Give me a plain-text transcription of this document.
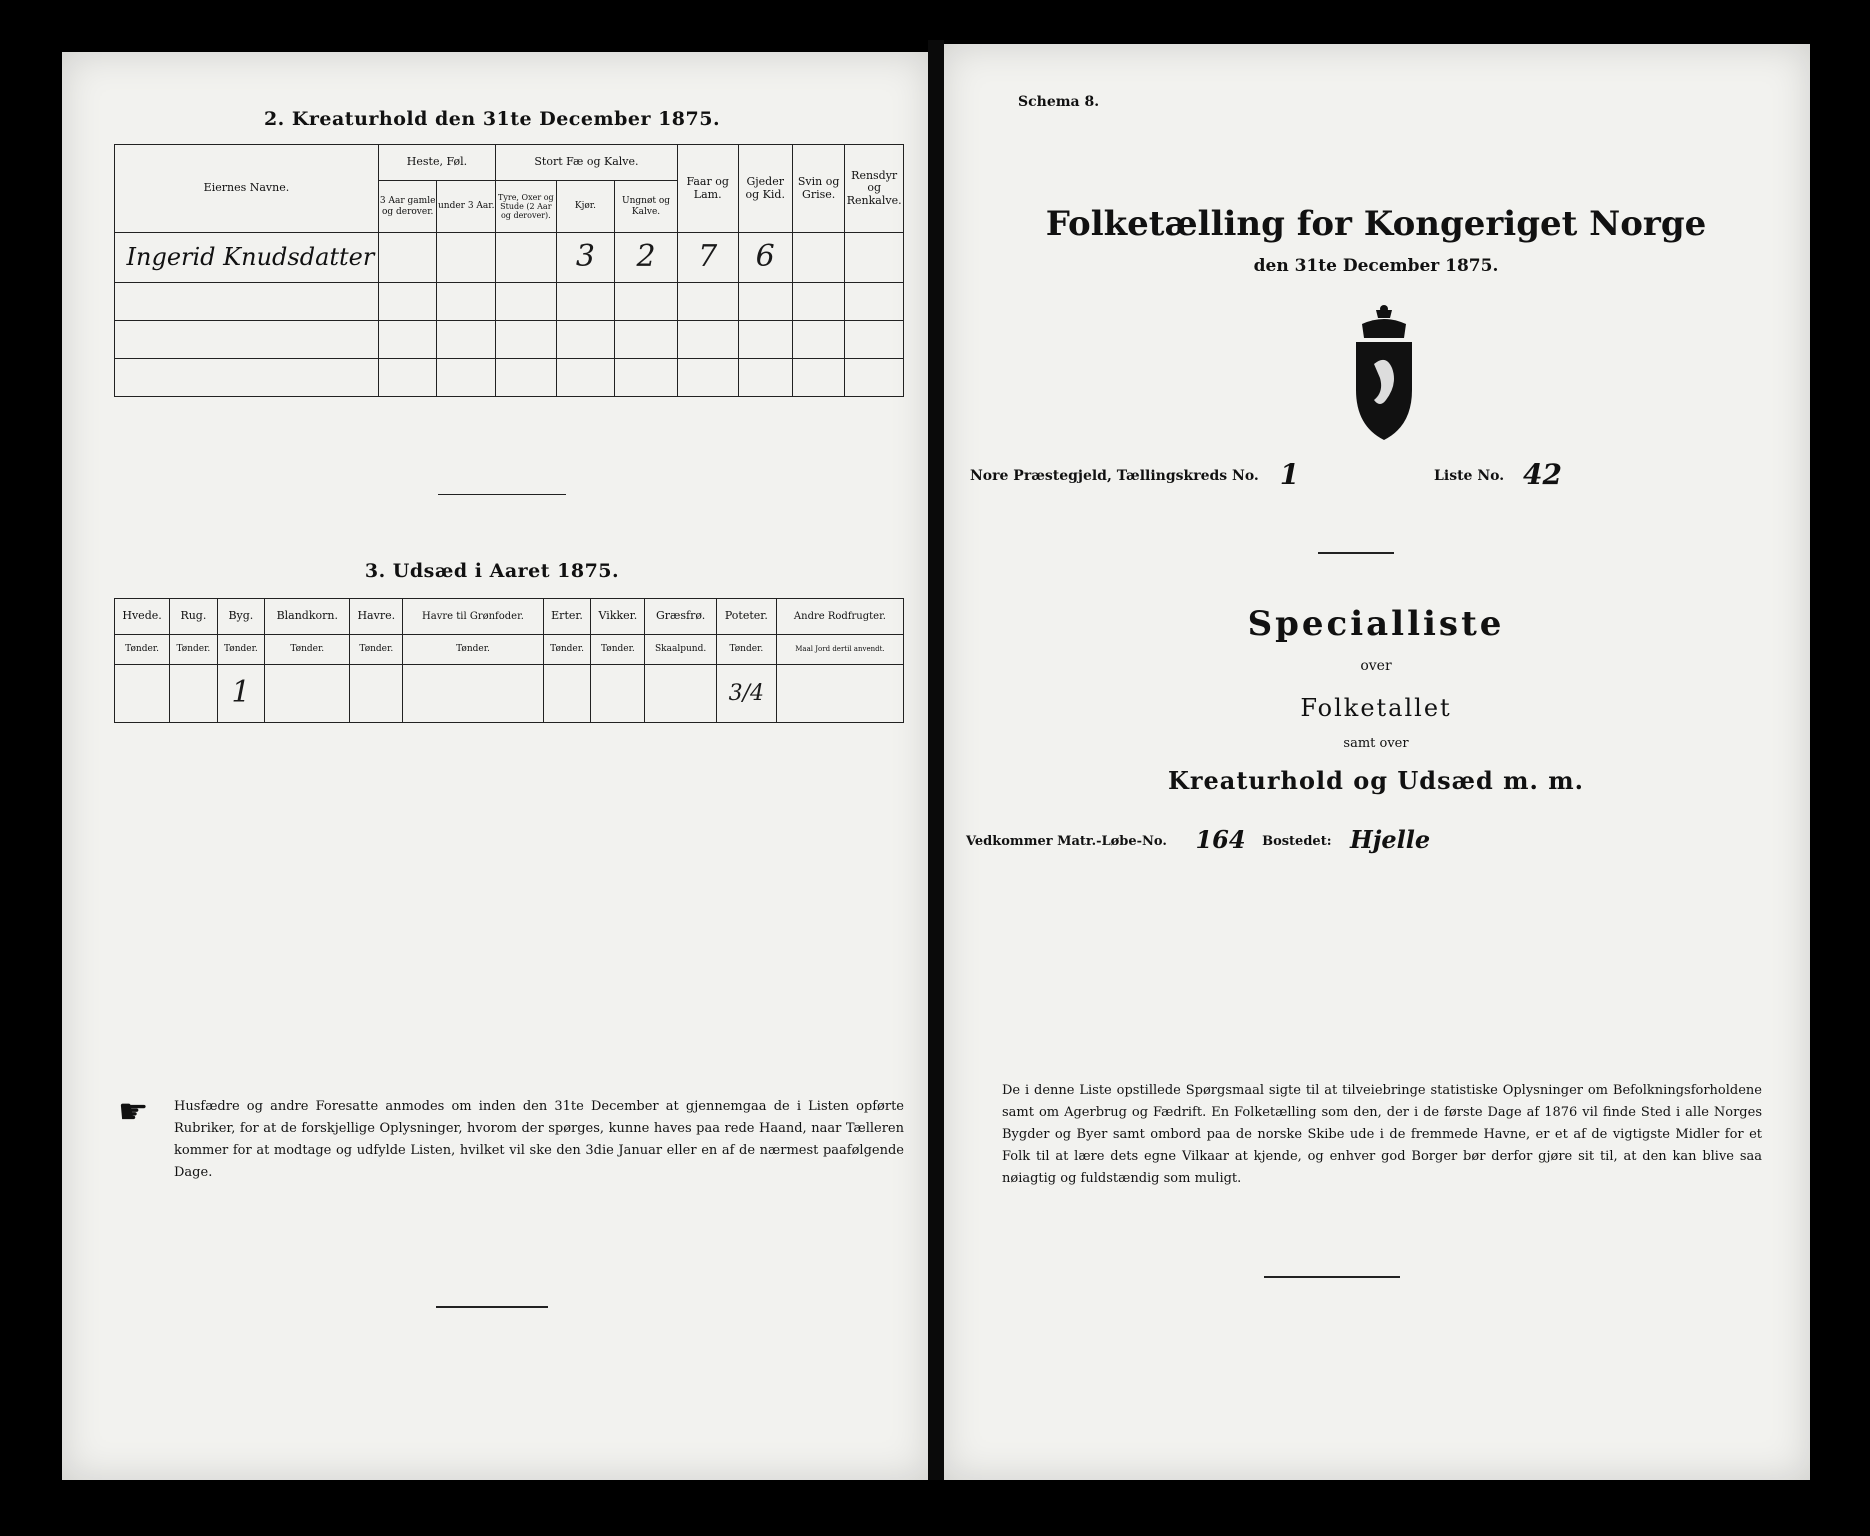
2. Kreaturhold den 31te December 1875.
Eiernes Navne.	Heste, Føl.		Stort Fæ og Kalve.			Faar og Lam.	Gjeder og Kid.	Svin og Grise.	Rensdyr og Renkalve.
	3 Aar gamle og derover.	under 3 Aar.	Tyre, Oxer og Stude (2 Aar og derover).	Kjør.	Ungnøt og Kalve.				
Ingerid Knudsdatter				3	2	7	6		

3. Udsæd i Aaret 1875.
Hvede.	Rug.	Byg.	Blandkorn.	Havre.	Havre til Grønfoder.	Erter.	Vikker.	Græsfrø.	Poteter.	Andre Rodfrugter.
Tønder.	Tønder.	Tønder.	Tønder.	Tønder.	Tønder.	Tønder.	Tønder.	Skaalpund.	Tønder.	Maal Jord dertil anvendt.
		1							3/4	
☛ Husfædre og andre Foresatte anmodes om inden den 31te December at gjennemgaa de i Listen opførte Rubriker, for at de forskjellige Oplysninger, hvorom der spørges, kunne haves paa rede Haand, naar Tælleren kommer for at modtage og udfylde Listen, hvilket vil ske den 3die Januar eller en af de nærmest paafølgende Dage.
Schema 8.
Folketælling for Kongeriget Norge
den 31te December 1875.
Nore Præstegjeld, Tællingskreds No. 1	Liste No. 42
Specialliste
over
Folketallet
samt over
Kreaturhold og Udsæd m. m.
Vedkommer Matr.-Løbe-No. 164 Bostedet: Hjelle
De i denne Liste opstillede Spørgsmaal sigte til at tilveiebringe statistiske Oplysninger om Befolkningsforholdene samt om Agerbrug og Fædrift. En Folketælling som den, der i de første Dage af 1876 vil finde Sted i alle Norges Bygder og Byer samt ombord paa de norske Skibe ude i de fremmede Havne, er et af de vigtigste Midler for et Folk til at lære dets egne Vilkaar at kjende, og enhver god Borger bør derfor gjøre sit til, at den kan blive saa nøiagtig og fuldstændig som muligt.
